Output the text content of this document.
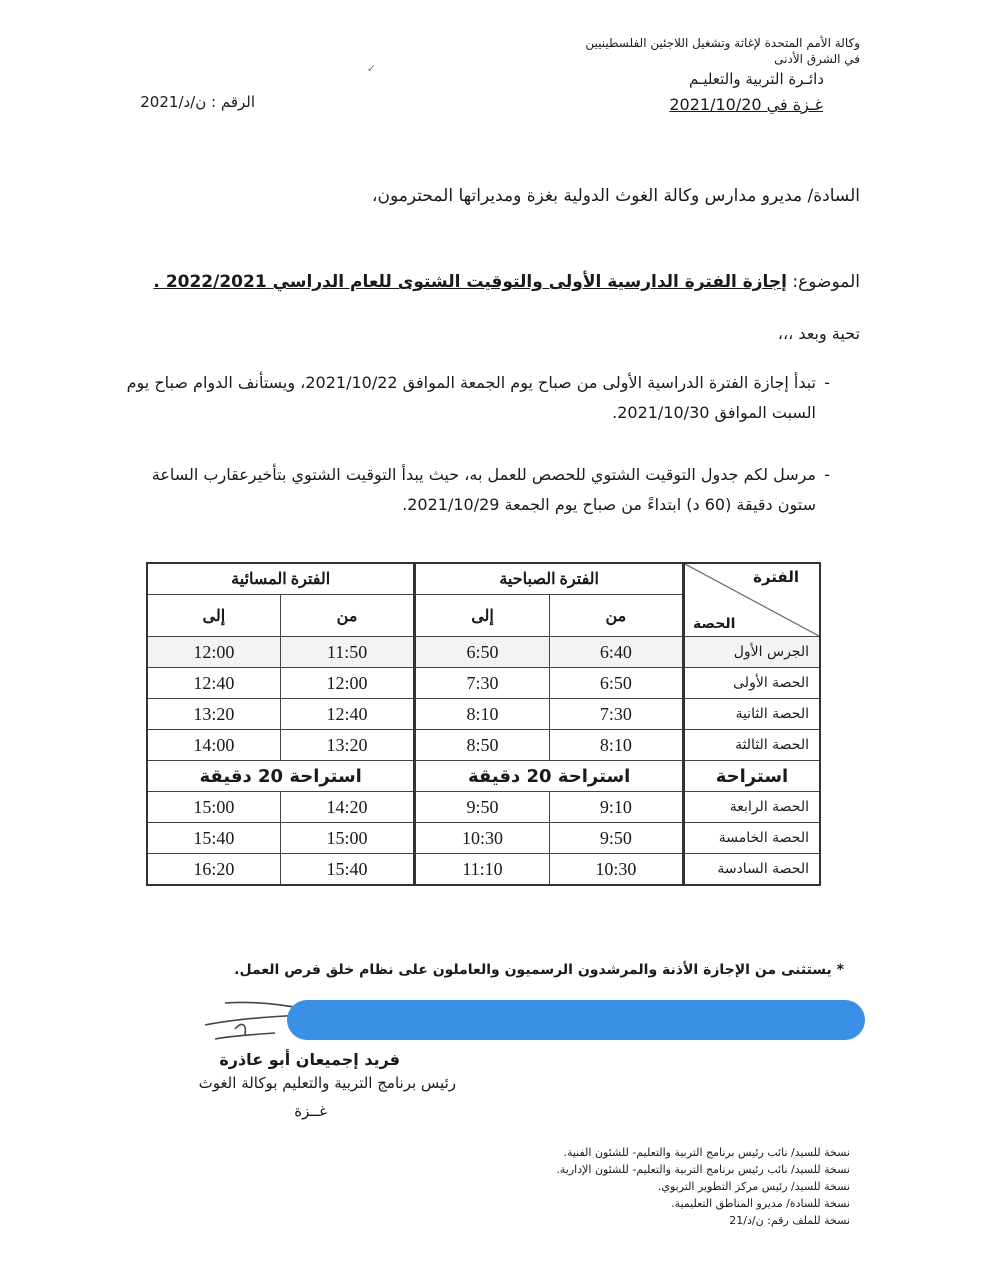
وكالة الأمم المتحدة لإغاثة وتشغيل اللاجئين الفلسطينيين
في الشرق الأدنى
دائـرة التربية والتعليـم
غـزة في 2021/10/20
✓
الرقم : ن/د/2021
السادة/ مديرو مدارس وكالة الغوث الدولية بغزة ومديراتها المحترمون،
الموضوع: إجازة الفترة الدارسية الأولى والتوقيت الشتوى للعام الدراسي 2022/2021 .
تحية وبعد ،،،
-
تبدأ إجازة الفترة الدراسية الأولى من صباح يوم الجمعة الموافق 2021/10/22، ويستأنف الدوام صباح يوم السبت الموافق 2021/10/30.
-
مرسل لكم جدول التوقيت الشتوي للحصص للعمل به، حيث يبدأ التوقيت الشتوي بتأخيرعقارب الساعة ستون دقيقة (60 د) ابتداءً من صباح يوم الجمعة 2021/10/29.
الفترة
الحصة	الفترة الصباحية		الفترة المسائية	
	من	إلى	من	إلى
الجرس الأول	6:40	6:50	11:50	12:00
الحصة الأولى	6:50	7:30	12:00	12:40
الحصة الثانية	7:30	8:10	12:40	13:20
الحصة الثالثة	8:10	8:50	13:20	14:00
استراحة	استراحة 20 دقيقة		استراحة 20 دقيقة	
الحصة الرابعة	9:10	9:50	14:20	15:00
الحصة الخامسة	9:50	10:30	15:00	15:40
الحصة السادسة	10:30	11:10	15:40	16:20
* يستثنى من الإجازة الأذنة والمرشدون الرسميون والعاملون على نظام خلق فرص العمل.
فريد إجميعان أبو عاذرة
رئيس برنامج التربية والتعليم بوكالة الغوث
غــزة
نسخة للسيد/ نائب رئيس برنامج التربية والتعليم- للشئون الفنية.
نسخة للسيد/ نائب رئيس برنامج التربية والتعليم- للشئون الإدارية.
نسخة للسيد/ رئيس مركز التطوير التربوي.
نسخة للسادة/ مديرو المناطق التعليمية.
نسخة للملف رقم: ن/د/21
